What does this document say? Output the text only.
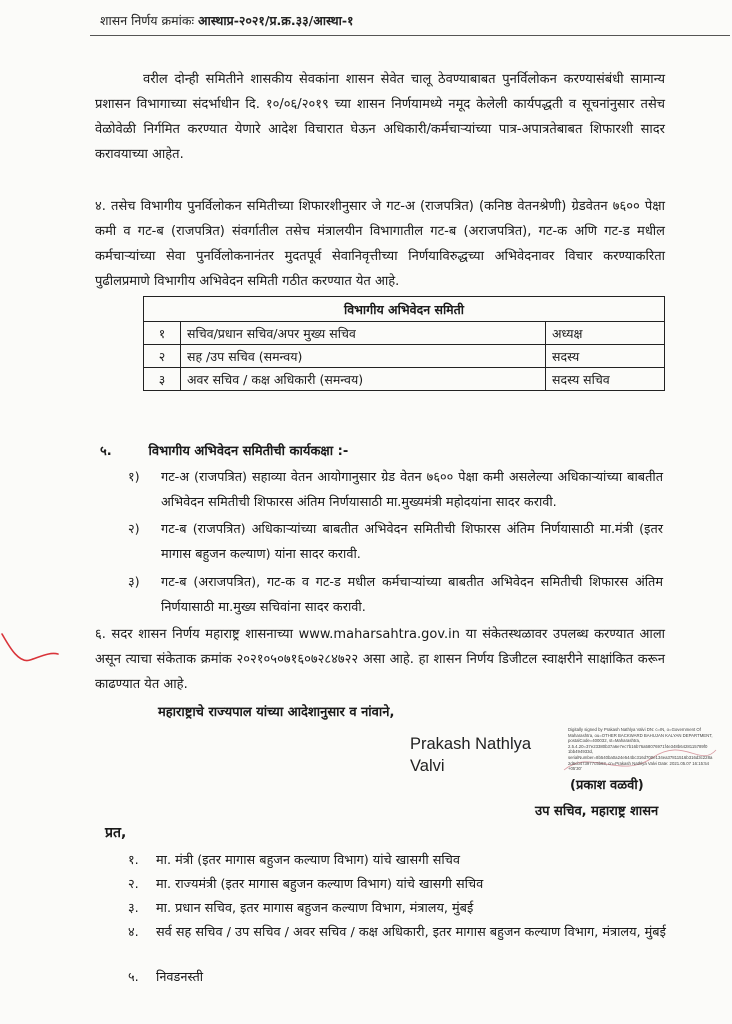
शासन निर्णय क्रमांकः आस्थाप्र-२०२१/प्र.क्र.३३/आस्था-१

वरील दोन्ही समितीने शासकीय सेवकांना शासन सेवेत चालू ठेवण्याबाबत पुनर्विलोकन करण्यासंबंधी सामान्य प्रशासन विभागाच्या संदर्भाधीन दि. १०/०६/२०१९ च्या शासन निर्णयामध्ये नमूद केलेली कार्यपद्धती व सूचनांनुसार तसेच वेळोवेळी निर्गमित करण्यात येणारे आदेश विचारात घेऊन अधिकारी/कर्मचाऱ्यांच्या पात्र-अपात्रतेबाबत शिफारशी सादर करावयाच्या आहेत.

४. तसेच विभागीय पुनर्विलोकन समितीच्या शिफारशीनुसार जे गट-अ (राजपत्रित) (कनिष्ठ वेतनश्रेणी) ग्रेडवेतन ७६०० पेक्षा कमी व गट-ब (राजपत्रित) संवर्गातील तसेच मंत्रालयीन विभागातील गट-ब (अराजपत्रित), गट-क अणि गट-ड मधील कर्मचाऱ्यांच्या सेवा पुनर्विलोकनानंतर मुदतपूर्व सेवानिवृत्तीच्या निर्णयाविरुद्धच्या अभिवेदनावर विचार करण्याकरिता पुढीलप्रमाणे विभागीय अभिवेदन समिती गठीत करण्यात येत आहे.

विभागीय अभिवेदन समिती		
१	सचिव/प्रधान सचिव/अपर मुख्य सचिव	अध्यक्ष
२	सह /उप सचिव (समन्वय)	सदस्य
३	अवर सचिव / कक्ष अधिकारी (समन्वय)	सदस्य सचिव
५.	विभागीय अभिवेदन समितीची कार्यकक्षा :-
१) गट-अ (राजपत्रित) सहाव्या वेतन आयोगानुसार ग्रेड वेतन ७६०० पेक्षा कमी असलेल्या अधिकाऱ्यांच्या बाबतीत अभिवेदन समितीची शिफारस अंतिम निर्णयासाठी मा.मुख्यमंत्री महोदयांना सादर करावी.
२) गट-ब (राजपत्रित) अधिकाऱ्यांच्या बाबतीत अभिवेदन समितीची शिफारस अंतिम निर्णयासाठी मा.मंत्री (इतर मागास बहुजन कल्याण) यांना सादर करावी.
३) गट-ब (अराजपत्रित), गट-क व गट-ड मधील कर्मचाऱ्यांच्या बाबतीत अभिवेदन समितीची शिफारस अंतिम निर्णयासाठी मा.मुख्य सचिवांना सादर करावी.

६. सदर शासन निर्णय महाराष्ट्र शासनाच्या www.maharsahtra.gov.in या संकेतस्थळावर उपलब्ध करण्यात आला असून त्याचा संकेताक क्रमांक २०२१०५०७१६०७२८४७२२ असा आहे. हा शासन निर्णय डिजीटल स्वाक्षरीने साक्षांकित करून काढण्यात येत आहे.

महाराष्ट्राचे राज्यपाल यांच्या आदेशानुसार व नांवाने,
Prakash Nathlya
Valvi
Digitally signed by Prakash Nathlya Valvi DN: c=IN, o=Government Of Maharashtra, ou=OTHER BACKWARD BAHUJAN KALYAN DEPARTMENT, postalCode=400032, st=Maharashtra, 2.5.4.20=37e23380b37a6e7ec7b16b76a58076971f4e348b6428115789f0 1bb494933d, serialNumber=8b540ba0a24e544bc316d700e134ea37811516b316d3c228a 2d6cb473977c5b63, cn=Prakash Nathlya Valvi Date: 2021.05.07 16:15:54 +05'30'
(प्रकाश वळवी)
उप सचिव, महाराष्ट्र शासन
प्रत,
१. मा. मंत्री (इतर मागास बहुजन कल्याण विभाग) यांचे खासगी सचिव
२. मा. राज्यमंत्री (इतर मागास बहुजन कल्याण विभाग) यांचे खासगी सचिव
३. मा. प्रधान सचिव, इतर मागास बहुजन कल्याण विभाग, मंत्रालय, मुंबई
४. सर्व सह सचिव / उप सचिव / अवर सचिव / कक्ष अधिकारी, इतर मागास बहुजन कल्याण विभाग, मंत्रालय, मुंबई
५. निवडनस्ती
